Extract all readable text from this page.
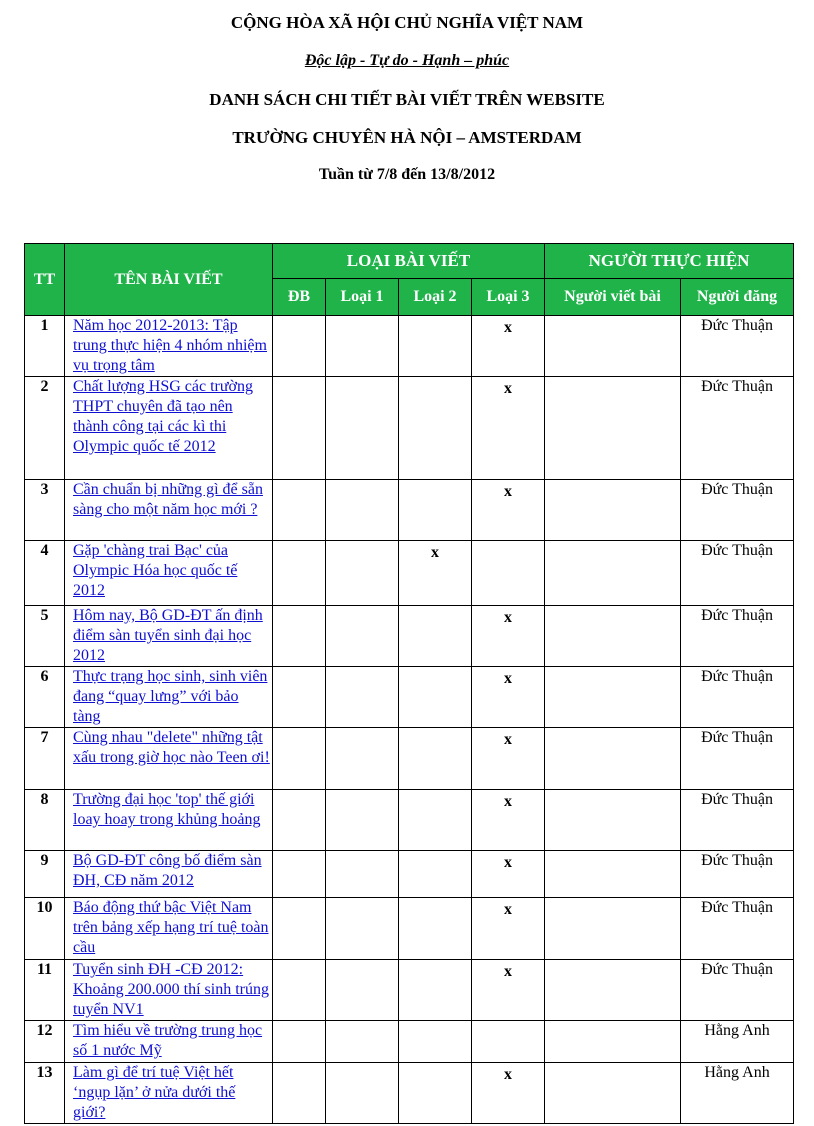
CỘNG HÒA XÃ HỘI CHỦ NGHĨA VIỆT NAM
Độc lập - Tự do - Hạnh – phúc
DANH SÁCH CHI TIẾT BÀI VIẾT TRÊN WEBSITE
TRƯỜNG CHUYÊN HÀ NỘI – AMSTERDAM
Tuần từ 7/8 đến 13/8/2012
TT	TÊN BÀI VIẾT	LOẠI BÀI VIẾT				NGƯỜI THỰC HIỆN	
		ĐB	Loại 1	Loại 2	Loại 3	Người viết bài	Người đăng
1	Năm học 2012-2013: Tập trung thực hiện 4 nhóm nhiệm vụ trọng tâm				x		Đức Thuận
2	Chất lượng HSG các trường THPT chuyên đã tạo nên thành công tại các kì thi Olympic quốc tế 2012				x		Đức Thuận
3	Cần chuẩn bị những gì để sẵn sàng cho một năm học mới ?				x		Đức Thuận
4	Gặp 'chàng trai Bạc' của Olympic Hóa học quốc tế 2012			x			Đức Thuận
5	Hôm nay, Bộ GD-ĐT ấn định điểm sàn tuyển sinh đại học 2012				x		Đức Thuận
6	Thực trạng học sinh, sinh viên đang “quay lưng” với bảo tàng				x		Đức Thuận
7	Cùng nhau "delete" những tật xấu trong giờ học nào Teen ơi!				x		Đức Thuận
8	Trường đại học 'top' thế giới loay hoay trong khủng hoảng				x		Đức Thuận
9	Bộ GD-ĐT công bố điểm sàn ĐH, CĐ năm 2012				x		Đức Thuận
10	Báo động thứ bậc Việt Nam trên bảng xếp hạng trí tuệ toàn cầu				x		Đức Thuận
11	Tuyển sinh ĐH -CĐ 2012: Khoảng 200.000 thí sinh trúng tuyển NV1				x		Đức Thuận
12	Tìm hiểu về trường trung học số 1 nước Mỹ						Hằng Anh
13	Làm gì để trí tuệ Việt hết ‘ngụp lặn’ ở nửa dưới thế giới?				x		Hằng Anh
